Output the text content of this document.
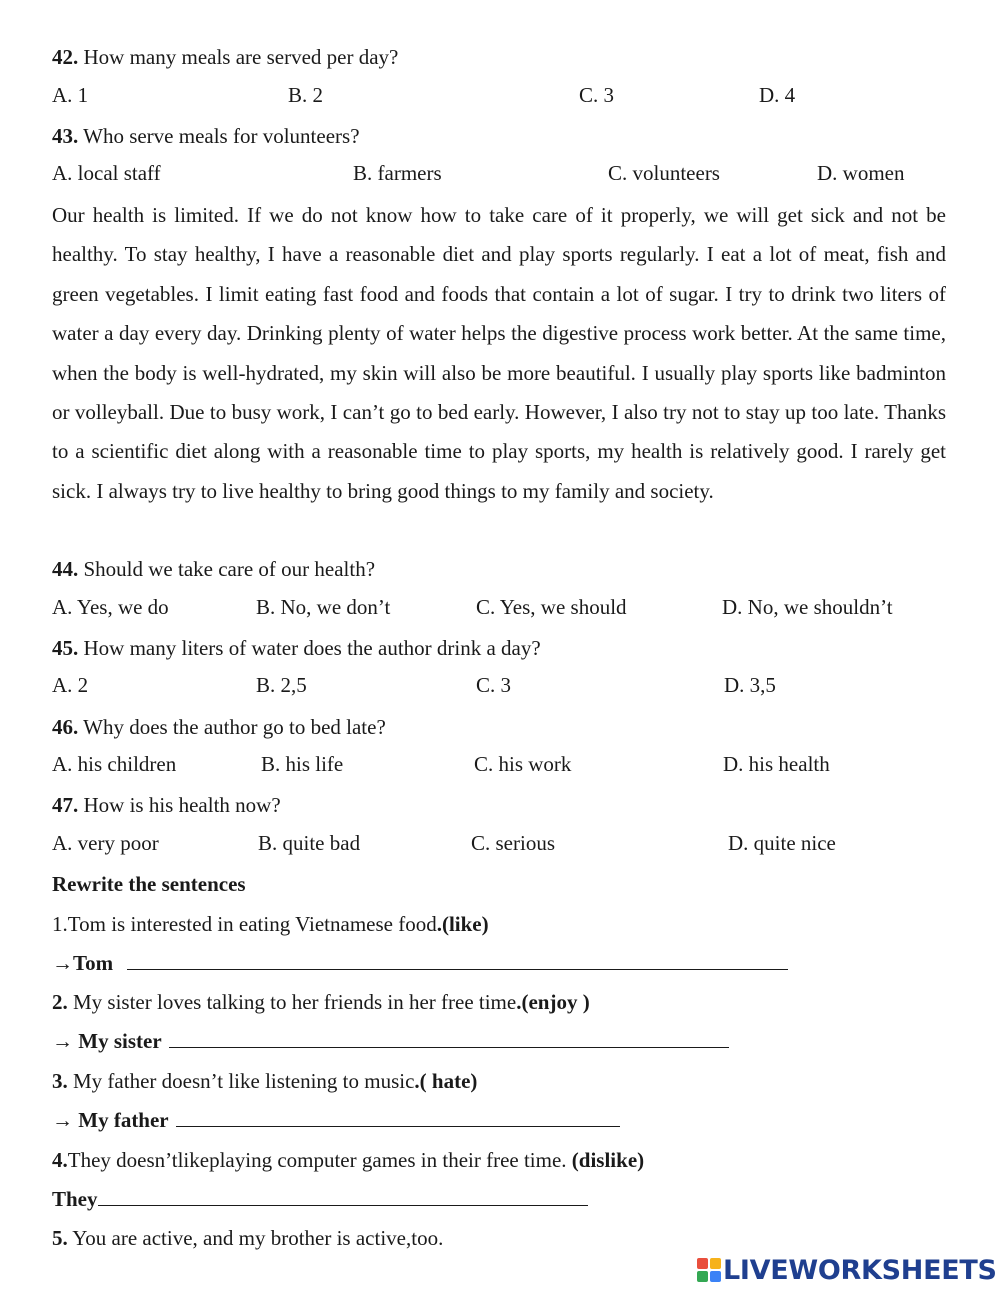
42. How many meals are served per day?
A. 1	B. 2	C. 3	D. 4
43. Who serve meals for volunteers?
A. local staff	B. farmers	C. volunteers	D. women
Our health is limited. If we do not know how to take care of it properly, we will get sick and not be healthy. To stay healthy, I have a reasonable diet and play sports regularly. I eat a lot of meat, fish and green vegetables. I limit eating fast food and foods that contain a lot of sugar. I try to drink two liters of water a day every day. Drinking plenty of water helps the digestive process work better. At the same time, when the body is well-hydrated, my skin will also be more beautiful. I usually play sports like badminton or volleyball. Due to busy work, I can’t go to bed early. However, I also try not to stay up too late. Thanks to a scientific diet along with a reasonable time to play sports, my health is relatively good. I rarely get sick. I always try to live healthy to bring good things to my family and society.
44. Should we take care of our health?
A. Yes, we do	B. No, we don’t	C. Yes, we should	D. No, we shouldn’t
45. How many liters of water does the author drink a day?
A. 2	B. 2,5	C. 3	D. 3,5
46. Why does the author go to bed late?
A. his children	B. his life	C. his work	D. his health
47. How is his health now?
A. very poor	B. quite bad	C. serious	D. quite nice
Rewrite the sentences
1.Tom is interested in eating Vietnamese food.(like)
→Tom
2. My sister loves talking to her friends in her free time.(enjoy )
→ My sister
3. My father doesn’t like listening to music.( hate)
→ My father
4.They doesn’tlikeplaying computer games in their free time. (dislike)
They
5. You are active, and my brother is active,too.
LIVEWORKSHEETS
